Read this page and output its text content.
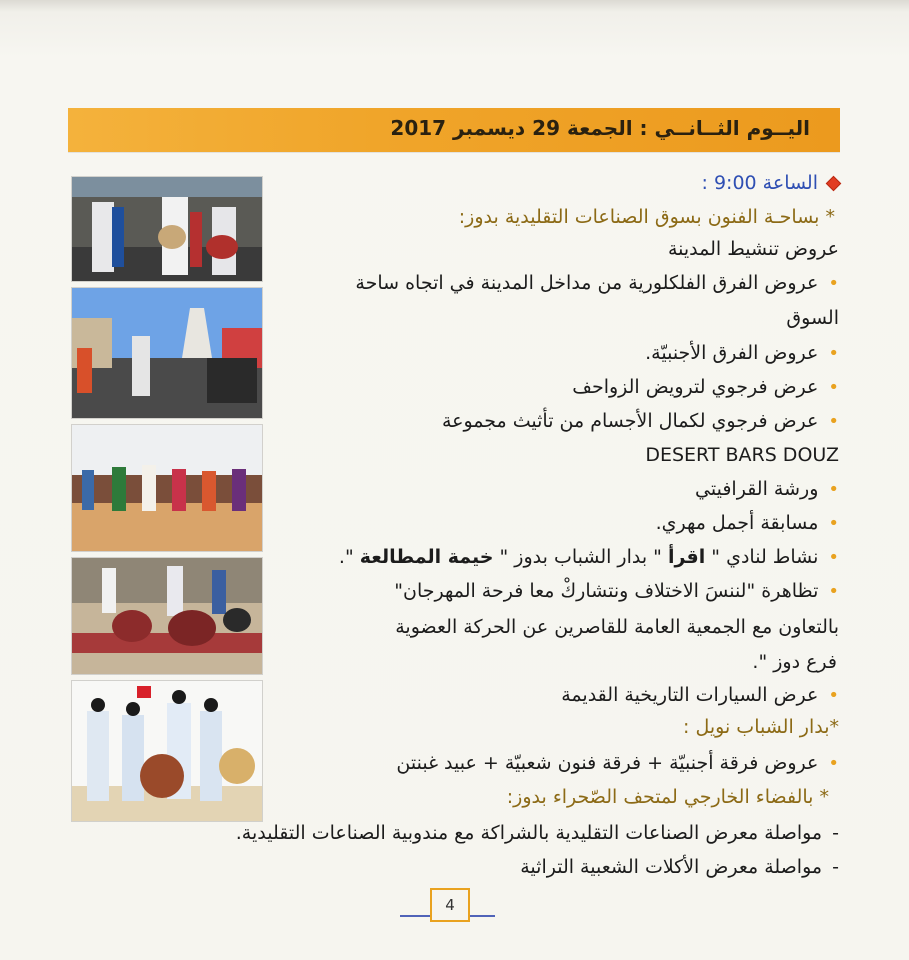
اليــوم الثــانــي : الجمعة 29 ديسمبر 2017
الساعة 9:00 :
* بساحـة الفنون بسوق الصناعات التقليدية بدوز:
عروض تنشيط المدينة
• عروض الفرق الفلكلورية من مداخل المدينة في اتجاه ساحة
السوق
• عروض الفرق الأجنبيّة.
• عرض فرجوي لترويض الزواحف
• عرض فرجوي لكمال الأجسام من تأثيث مجموعة
DESERT BARS DOUZ
• ورشة القرافيتي
• مسابقة أجمل مهري.
• نشاط لنادي " اقرأ " بدار الشباب بدوز " خيمة المطالعة ".
• تظاهرة "لننسَ الاختلاف ونتشاركْ معا فرحة المهرجان"
بالتعاون مع الجمعية العامة للقاصرين عن الحركة العضوية
فرع دوز ".
• عرض السيارات التاريخية القديمة
*بدار الشباب نويل :
• عروض فرقة أجنبيّة + فرقة فنون شعبيّة + عبيد غبنتن
* بالفضاء الخارجي لمتحف الصّحراء بدوز:
- مواصلة معرض الصناعات التقليدية بالشراكة مع مندوبية الصناعات التقليدية.
- مواصلة معرض الأكلات الشعبية التراثية
4
